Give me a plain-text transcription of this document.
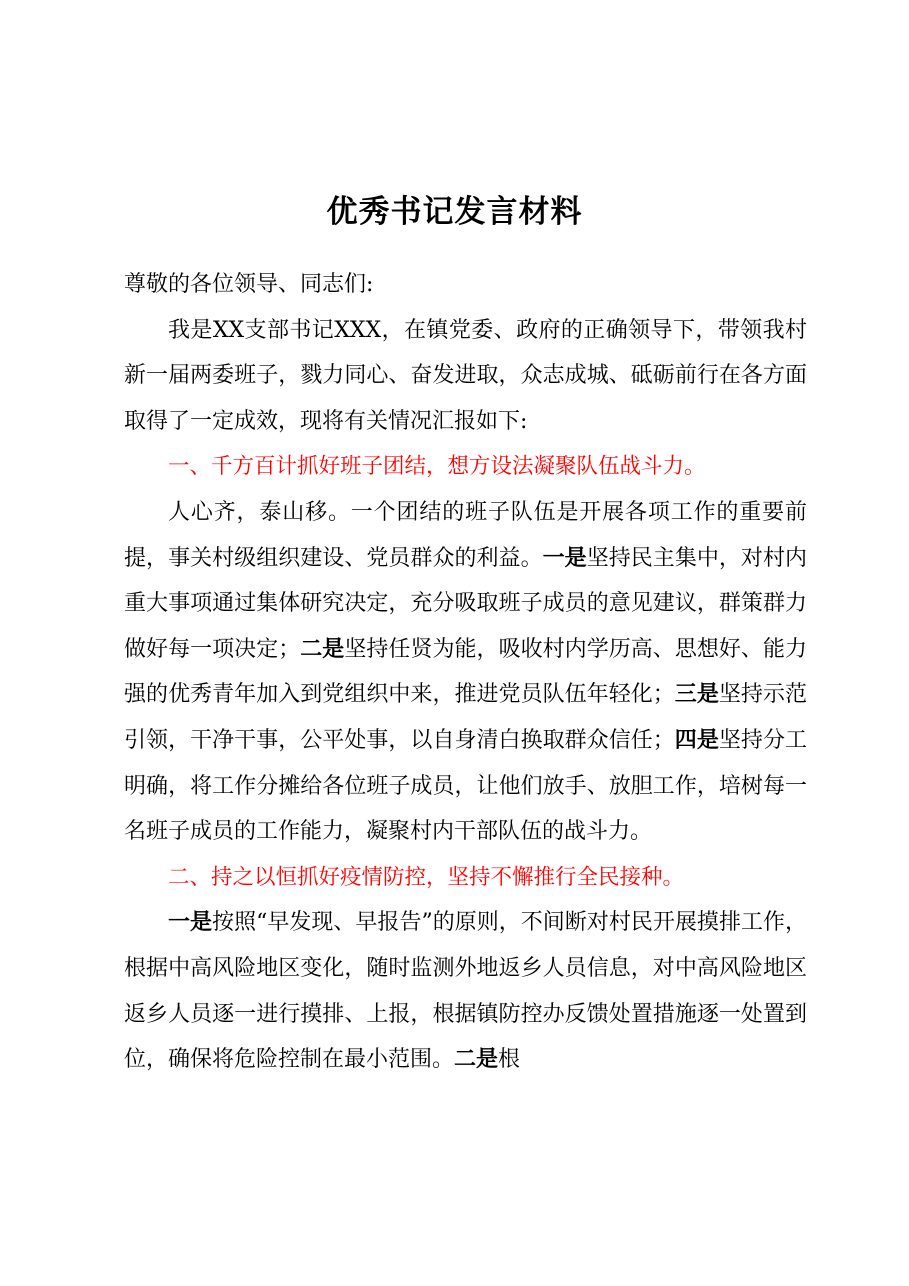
优秀书记发言材料

尊敬的各位领导、同志们:

我是XX支部书记XXX，在镇党委、政府的正确领导下，带领我村新一届两委班子，戮力同心、奋发进取，众志成城、砥砺前行在各方面取得了一定成效，现将有关情况汇报如下:

一、千方百计抓好班子团结，想方设法凝聚队伍战斗力。

人心齐，泰山移。一个团结的班子队伍是开展各项工作的重要前提，事关村级组织建设、党员群众的利益。一是坚持民主集中，对村内重大事项通过集体研究决定，充分吸取班子成员的意见建议，群策群力做好每一项决定；二是坚持任贤为能，吸收村内学历高、思想好、能力强的优秀青年加入到党组织中来，推进党员队伍年轻化；三是坚持示范引领，干净干事，公平处事，以自身清白换取群众信任；四是坚持分工明确，将工作分摊给各位班子成员，让他们放手、放胆工作，培树每一名班子成员的工作能力，凝聚村内干部队伍的战斗力。

二、持之以恒抓好疫情防控，坚持不懈推行全民接种。

一是按照“早发现、早报告”的原则，不间断对村民开展摸排工作，根据中高风险地区变化，随时监测外地返乡人员信息，对中高风险地区返乡人员逐一进行摸排、上报，根据镇防控办反馈处置措施逐一处置到位，确保将危险控制在最小范围。二是根
